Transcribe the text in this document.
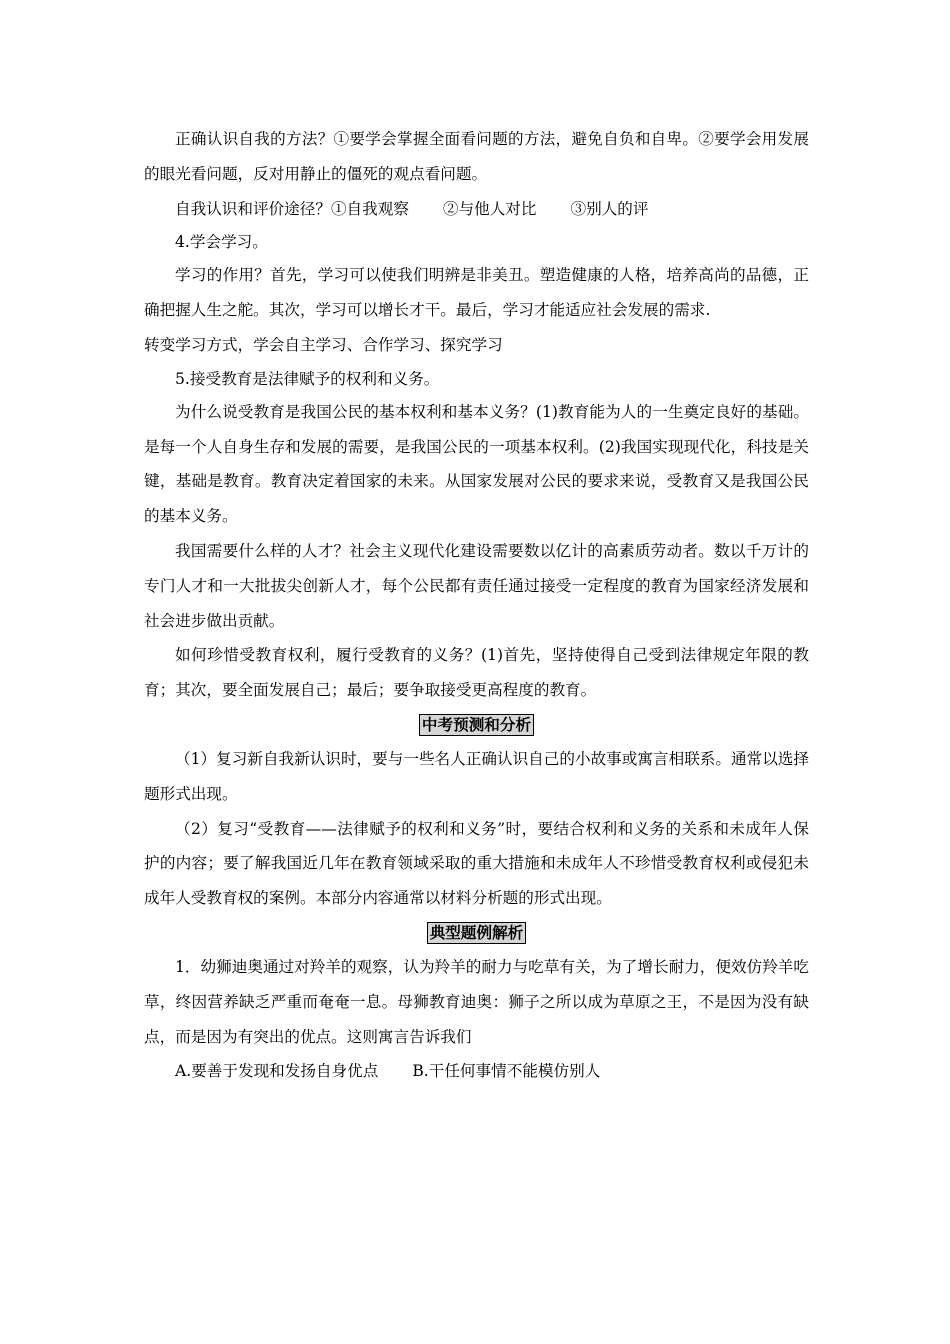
正确认识自我的方法？①要学会掌握全面看问题的方法，避免自负和自卑。②要学会用发展的眼光看问题，反对用静止的僵死的观点看问题。

自我认识和评价途径？①自我观察 ②与他人对比 ③别人的评

4.学会学习。

学习的作用？首先，学习可以使我们明辨是非美丑。塑造健康的人格，培养高尚的品德，正确把握人生之舵。其次，学习可以增长才干。最后，学习才能适应社会发展的需求.

转变学习方式，学会自主学习、合作学习、探究学习

5.接受教育是法律赋予的权利和义务。

为什么说受教育是我国公民的基本权利和基本义务？(1)教育能为人的一生奠定良好的基础。是每一个人自身生存和发展的需要，是我国公民的一项基本权利。(2)我国实现现代化，科技是关键，基础是教育。教育决定着国家的未来。从国家发展对公民的要求来说，受教育又是我国公民的基本义务。

我国需要什么样的人才？社会主义现代化建设需要数以亿计的高素质劳动者。数以千万计的专门人才和一大批拔尖创新人才，每个公民都有责任通过接受一定程度的教育为国家经济发展和社会进步做出贡献。

如何珍惜受教育权利，履行受教育的义务？(1)首先，坚持使得自己受到法律规定年限的教育；其次，要全面发展自己；最后；要争取接受更高程度的教育。

中考预测和分析

（1）复习新自我新认识时，要与一些名人正确认识自己的小故事或寓言相联系。通常以选择题形式出现。

（2）复习“受教育——法律赋予的权利和义务”时，要结合权利和义务的关系和未成年人保护的内容；要了解我国近几年在教育领域采取的重大措施和未成年人不珍惜受教育权利或侵犯未成年人受教育权的案例。本部分内容通常以材料分析题的形式出现。

典型题例解析

1．幼狮迪奥通过对羚羊的观察，认为羚羊的耐力与吃草有关，为了增长耐力，便效仿羚羊吃草，终因营养缺乏严重而奄奄一息。母狮教育迪奥：狮子之所以成为草原之王，不是因为没有缺点，而是因为有突出的优点。这则寓言告诉我们

A.要善于发现和发扬自身优点 B.干任何事情不能模仿别人
